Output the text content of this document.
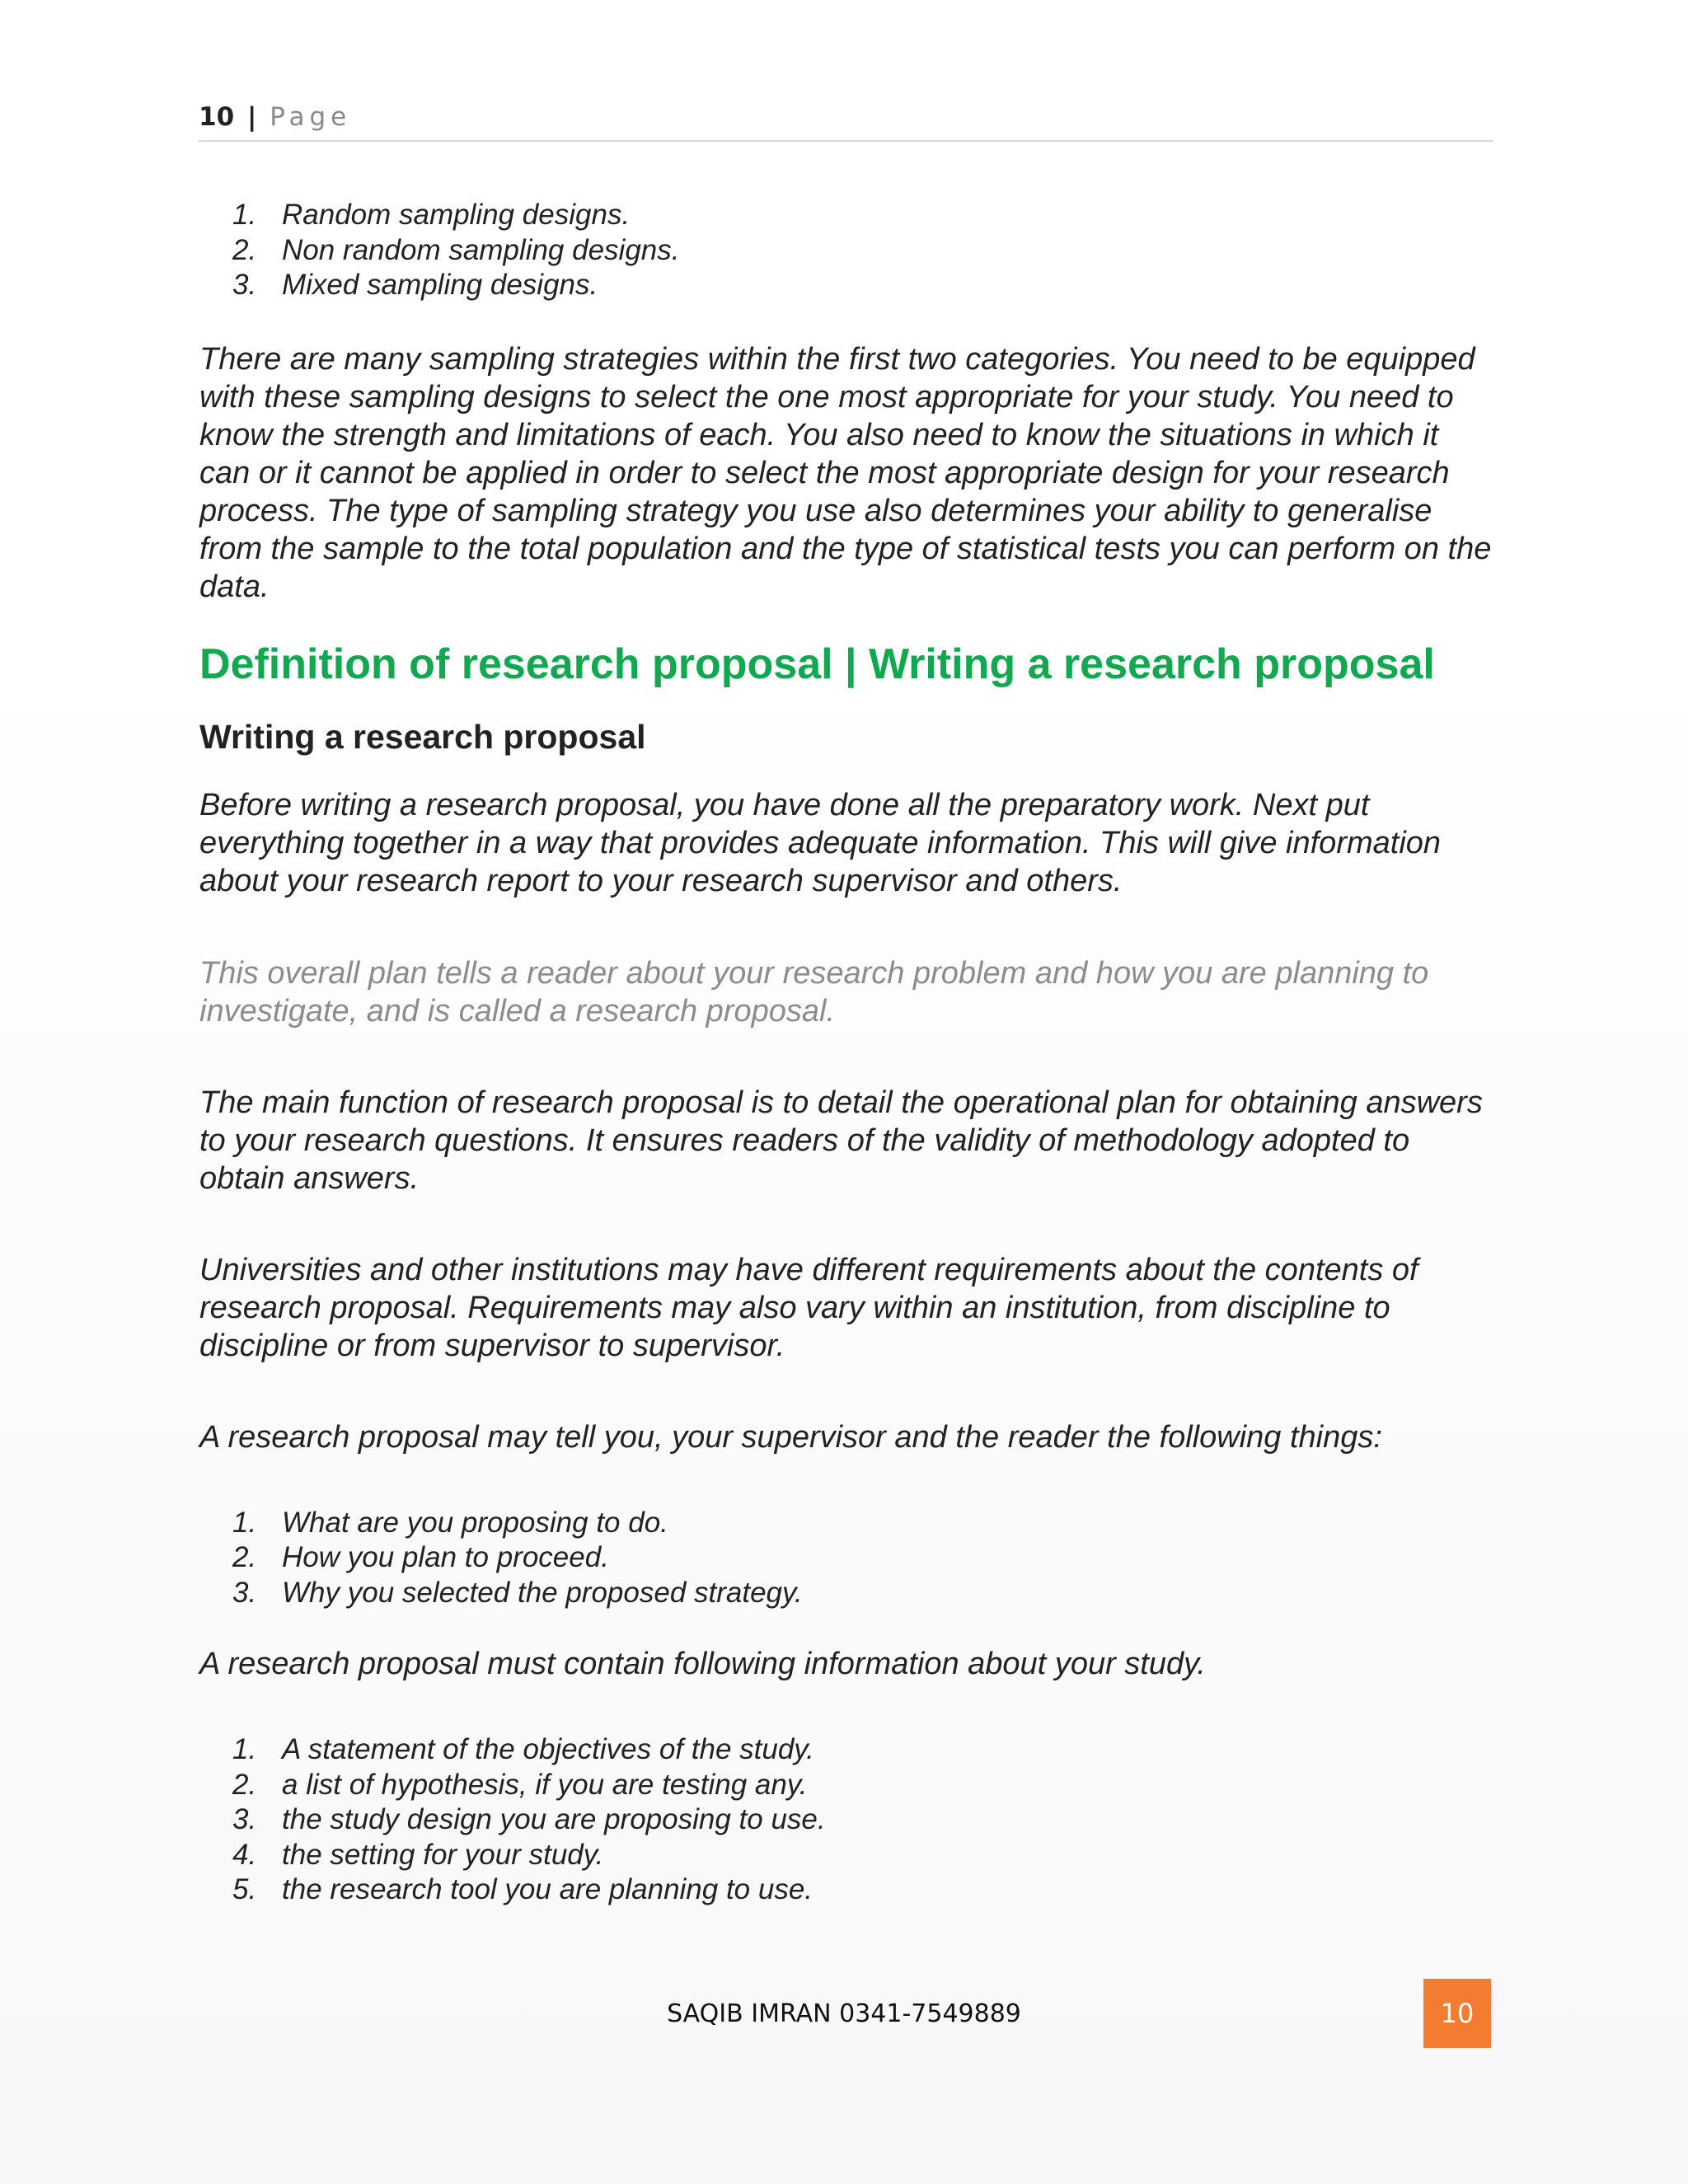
10 | Page
1. Random sampling designs.
2. Non random sampling designs.
3. Mixed sampling designs.

There are many sampling strategies within the first two categories. You need to be equipped with these sampling designs to select the one most appropriate for your study. You need to know the strength and limitations of each. You also need to know the situations in which it can or it cannot be applied in order to select the most appropriate design for your research process. The type of sampling strategy you use also determines your ability to generalise from the sample to the total population and the type of statistical tests you can perform on the data.

Definition of research proposal | Writing a research proposal
Writing a research proposal

Before writing a research proposal, you have done all the preparatory work. Next put everything together in a way that provides adequate information. This will give information about your research report to your research supervisor and others.

This overall plan tells a reader about your research problem and how you are planning to investigate, and is called a research proposal.

The main function of research proposal is to detail the operational plan for obtaining answers to your research questions. It ensures readers of the validity of methodology adopted to obtain answers.

Universities and other institutions may have different requirements about the contents of research proposal. Requirements may also vary within an institution, from discipline to discipline or from supervisor to supervisor.

A research proposal may tell you, your supervisor and the reader the following things:

1. What are you proposing to do.
2. How you plan to proceed.
3. Why you selected the proposed strategy.

A research proposal must contain following information about your study.

1. A statement of the objectives of the study.
2. a list of hypothesis, if you are testing any.
3. the study design you are proposing to use.
4. the setting for your study.
5. the research tool you are planning to use.
SAQIB IMRAN 0341-7549889	10
